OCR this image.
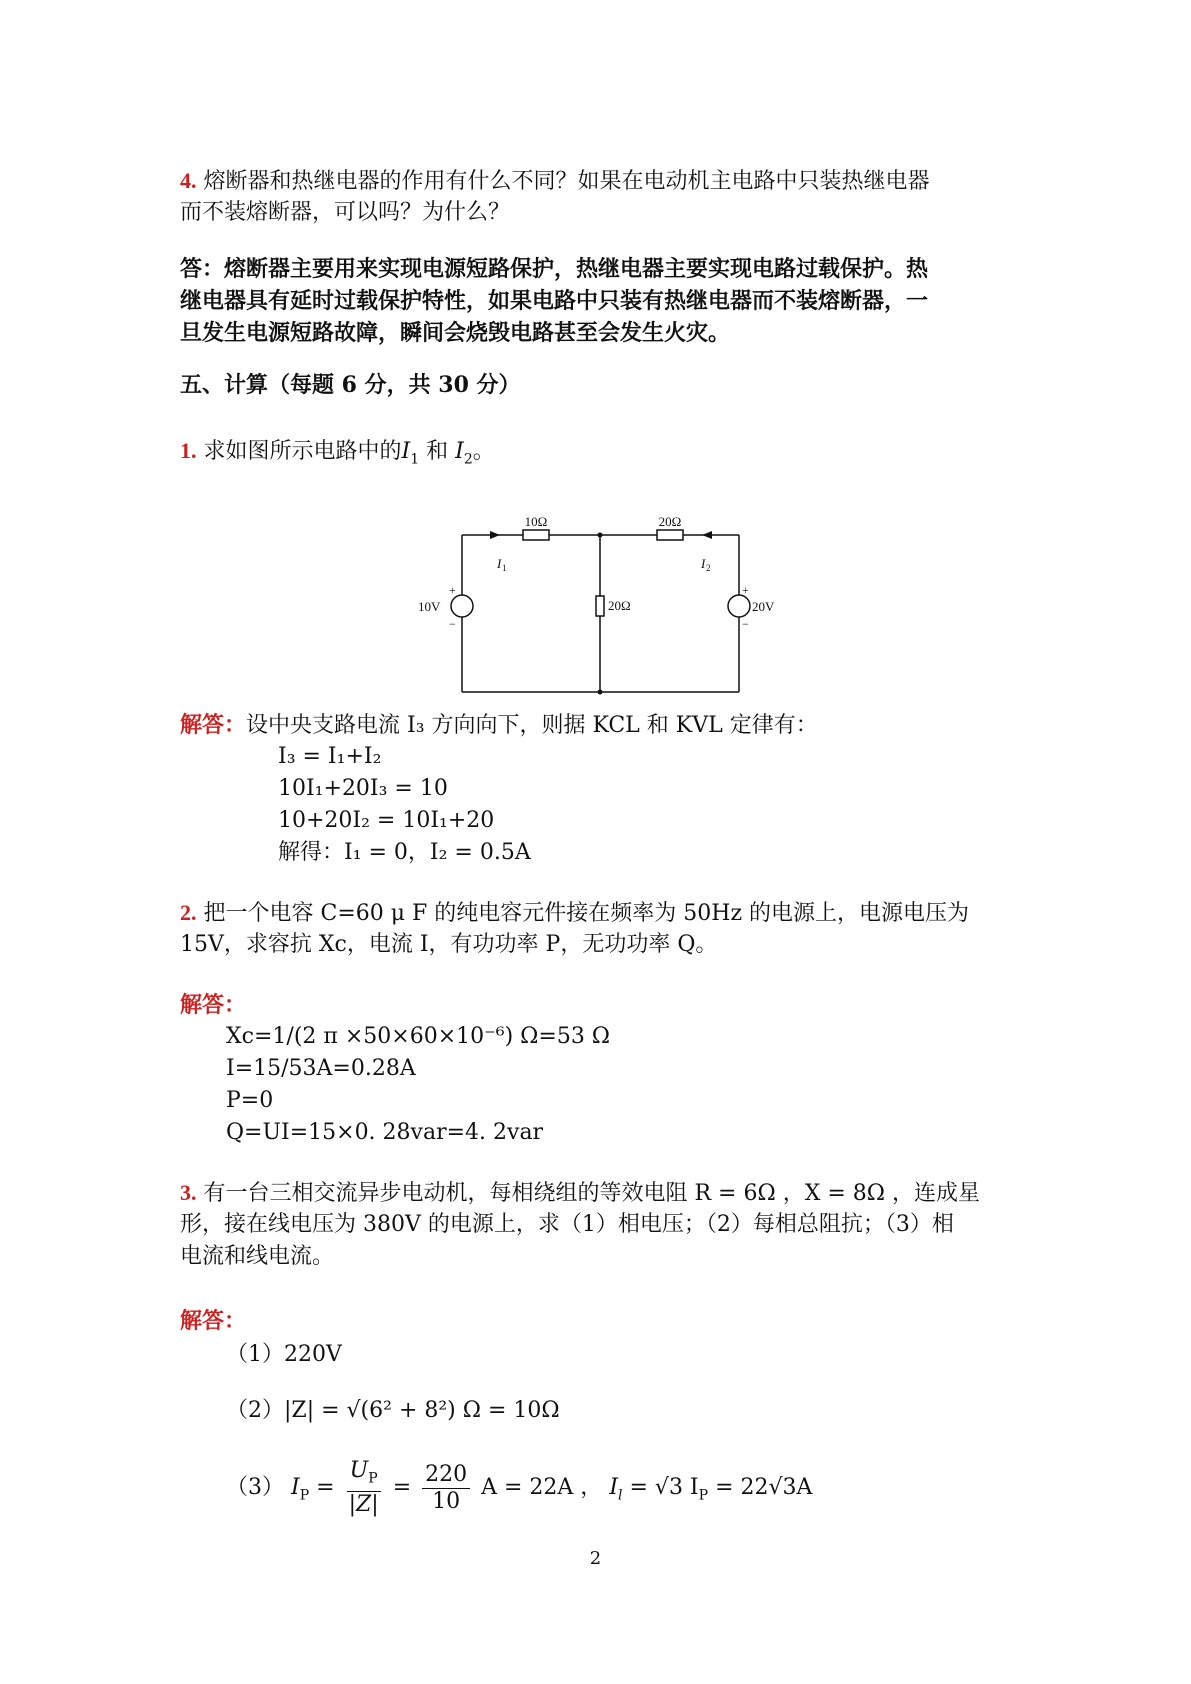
4. 熔断器和热继电器的作用有什么不同？如果在电动机主电路中只装热继电器
而不装熔断器，可以吗？为什么？
答：熔断器主要用来实现电源短路保护，热继电器主要实现电路过载保护。热
继电器具有延时过载保护特性，如果电路中只装有热继电器而不装熔断器，一
旦发生电源短路故障，瞬间会烧毁电路甚至会发生火灾。
五、计算（每题 6 分，共 30 分）
1. 求如图所示电路中的$I_1$ 和 $I_2$。
10Ω	20Ω
20Ω
10V	20V
I 1	I 2
+
−
+
−
解答：设中央支路电流 I₃ 方向向下，则据 KCL 和 KVL 定律有：
I₃ = I₁+I₂
10I₁+20I₃ = 10
10+20I₂ = 10I₁+20
解得：I₁ = 0，I₂ = 0.5A
2. 把一个电容 C=60 μ F 的纯电容元件接在频率为 50Hz 的电源上，电源电压为
15V，求容抗 Xc，电流 I，有功功率 P，无功功率 Q。
解答：
Xc=1/(2 π ×50×60×10⁻⁶) Ω=53 Ω
I=15/53A=0.28A
P=0
Q=UI=15×0. 28var=4. 2var
3. 有一台三相交流异步电动机，每相绕组的等效电阻 R = 6Ω ，X = 8Ω ，连成星
形，接在线电压为 380V 的电源上，求（1）相电压；（2）每相总阻抗；（3）相
电流和线电流。
解答：
（1）220V
（2）|Z| = √(6² + 8²) Ω = 10Ω
（3） $I_P = \frac{U_P}{|Z|} = \frac{220}{10}$ A = 22A ， $I_l = √3$ $I_P = 22√3A$
2
